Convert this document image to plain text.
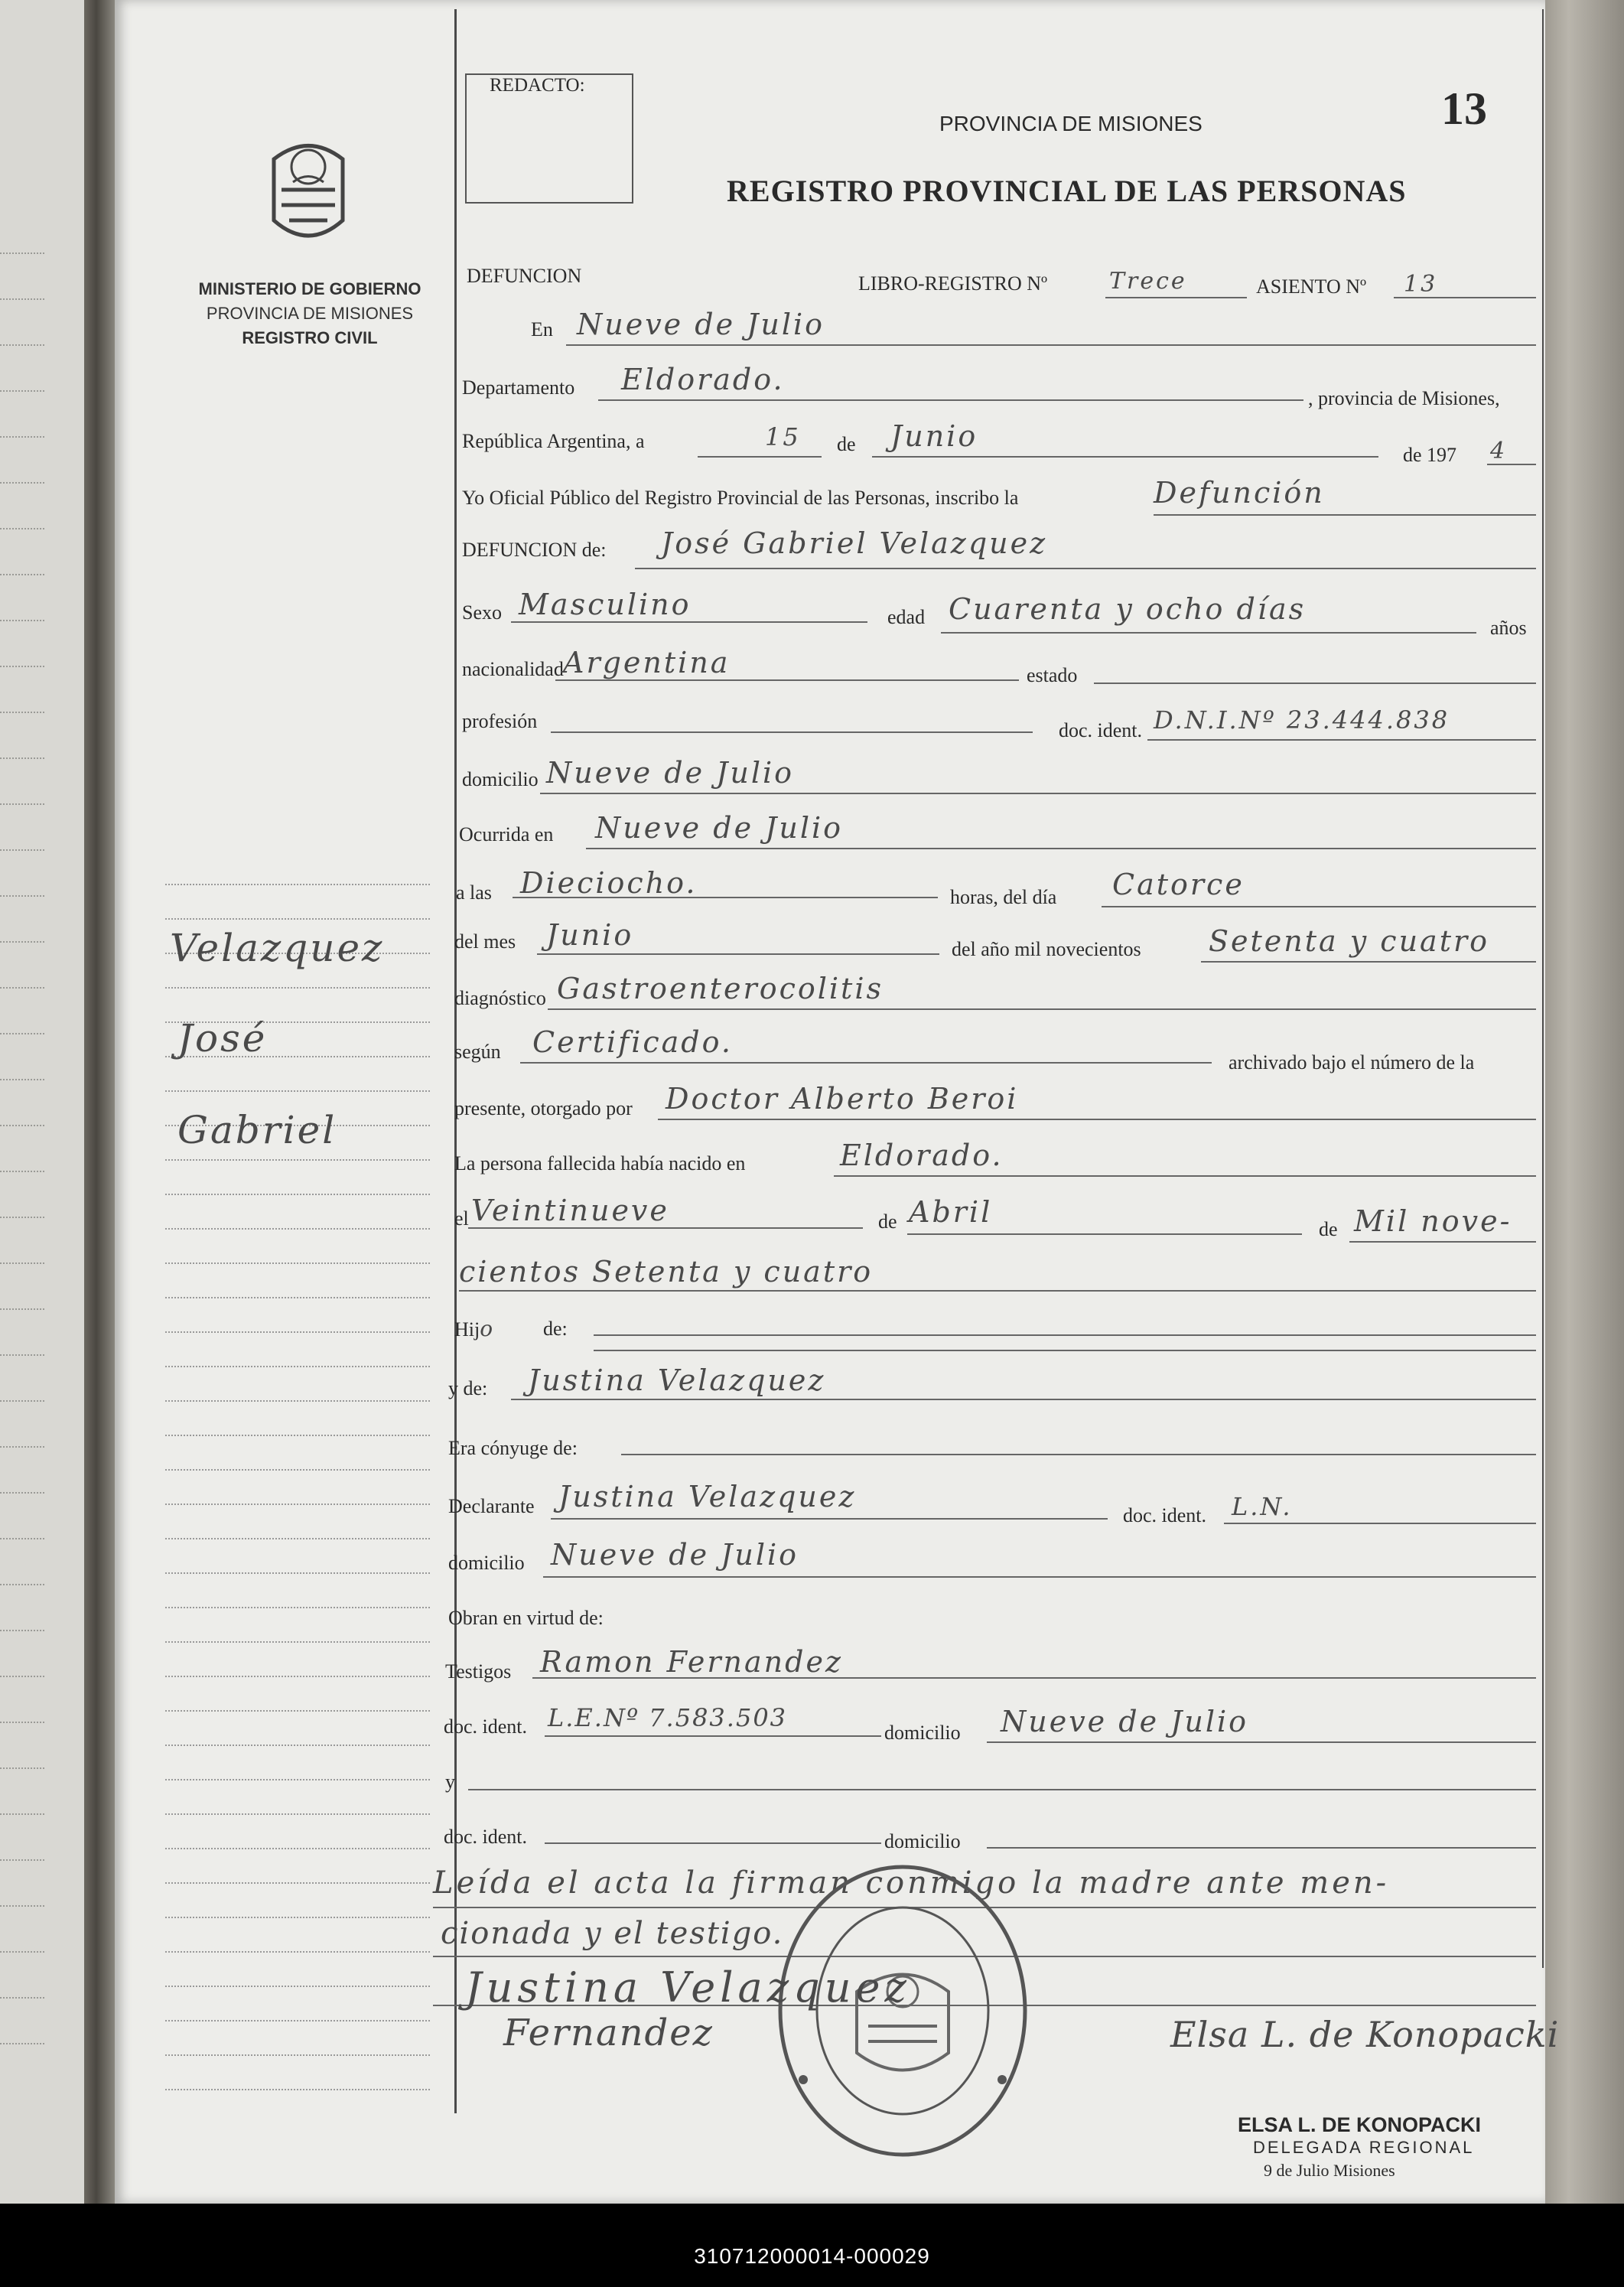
REDACTO:
MINISTERIO DE GOBIERNO
PROVINCIA DE MISIONES
REGISTRO CIVIL
PROVINCIA DE MISIONES
REGISTRO PROVINCIAL DE LAS PERSONAS
13
Velazquez
José
Gabriel
DEFUNCION	LIBRO-REGISTRO Nº	Trece	ASIENTO Nº 13
En Nueve de Julio
Departamento Eldorado.
, provincia de Misiones,
República Argentina, a	15 de Junio
de 197 4
Yo Oficial Público del Registro Provincial de las Personas, inscribo la	Defunción
DEFUNCION de: José Gabriel Velazquez
Sexo Masculino	edad Cuarenta y ocho días
años
nacionalidad Argentina	estado
profesión	doc. ident. D.N.I.Nº 23.444.838
domicilio Nueve de Julio
Ocurrida en Nueve de Julio
a las Dieciocho.	horas, del día Catorce
del mes Junio	del año mil novecientos Setenta y cuatro
diagnóstico Gastroenterocolitis
según Certificado.
archivado bajo el número de la
presente, otorgado por Doctor Alberto Beroi
La persona fallecida había nacido en	Eldorado.
el Veintinueve	de Abril
de Mil nove-
cientos Setenta y cuatro
Hijo	de:
y de: Justina Velazquez
Era cónyuge de:
Declarante Justina Velazquez
doc. ident. L.N.
domicilio Nueve de Julio
Obran en virtud de:
Testigos Ramon Fernandez
doc. ident. L.E.Nº 7.583.503
domicilio Nueve de Julio
y
doc. ident.	domicilio
Leída el acta la firman conmigo la madre ante men-
cionada y el testigo.
Justina Velazquez
Fernandez	Elsa L. de Konopacki
ELSA L. DE KONOPACKI
DELEGADA REGIONAL
9 de Julio Misiones
310712000014-000029
